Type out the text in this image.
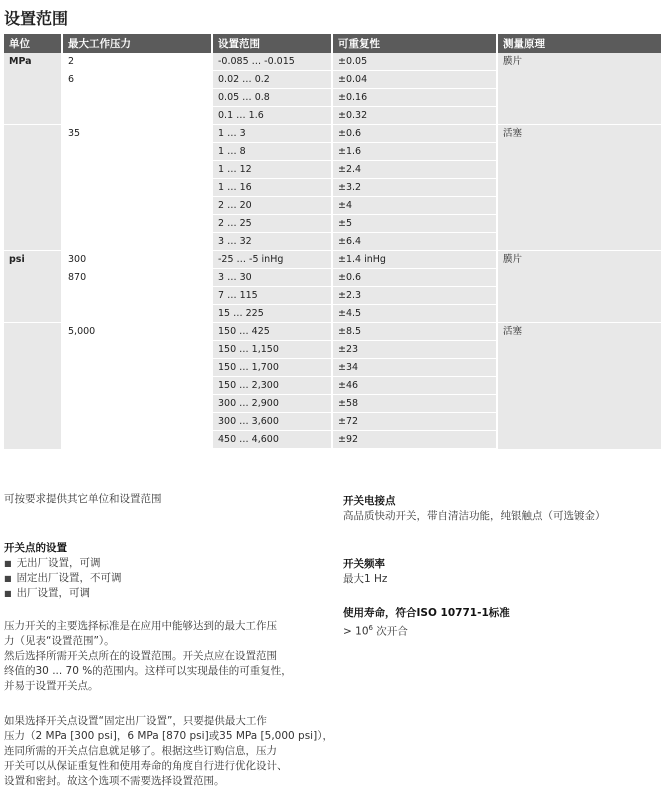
设置范围
单位	最大工作压力	设置范围	可重复性	测量原理
MPa	2	-0.085 … -0.015	±0.05	膜片
	6	0.02 … 0.2	±0.04	
		0.05 … 0.8	±0.16	
		0.1 … 1.6	±0.32	
	35	1 … 3	±0.6	活塞
		1 … 8	±1.6	
		1 … 12	±2.4	
		1 … 16	±3.2	
		2 … 20	±4	
		2 … 25	±5	
		3 … 32	±6.4	
psi	300	-25 … -5 inHg	±1.4 inHg	膜片
	870	3 … 30	±0.6	
		7 … 115	±2.3	
		15 … 225	±4.5	
	5,000	150 … 425	±8.5	活塞
		150 … 1,150	±23	
		150 … 1,700	±34	
		150 … 2,300	±46	
		300 … 2,900	±58	
		300 … 3,600	±72	
		450 … 4,600	±92	
可按要求提供其它单位和设置范围
开关点的设置
■ 无出厂设置，可调
■ 固定出厂设置，不可调
■ 出厂设置，可调
压力开关的主要选择标准是在应用中能够达到的最大工作压
力（见表“设置范围”）。
然后选择所需开关点所在的设置范围。开关点应在设置范围
终值的30 ... 70 %的范围内。这样可以实现最佳的可重复性，
并易于设置开关点。
如果选择开关点设置“固定出厂设置”，只要提供最大工作
压力（2 MPa [300 psi]，6 MPa [870 psi]或35 MPa [5,000 psi]），
连同所需的开关点信息就足够了。根据这些订购信息，压力
开关可以从保证重复性和使用寿命的角度自行进行优化设计、
设置和密封。故这个选项不需要选择设置范围。
开关电接点
高品质快动开关，带自清洁功能，纯银触点（可选镀金）
开关频率
最大1 Hz
使用寿命，符合ISO 10771-1标准
> $10^6$ 次开合
